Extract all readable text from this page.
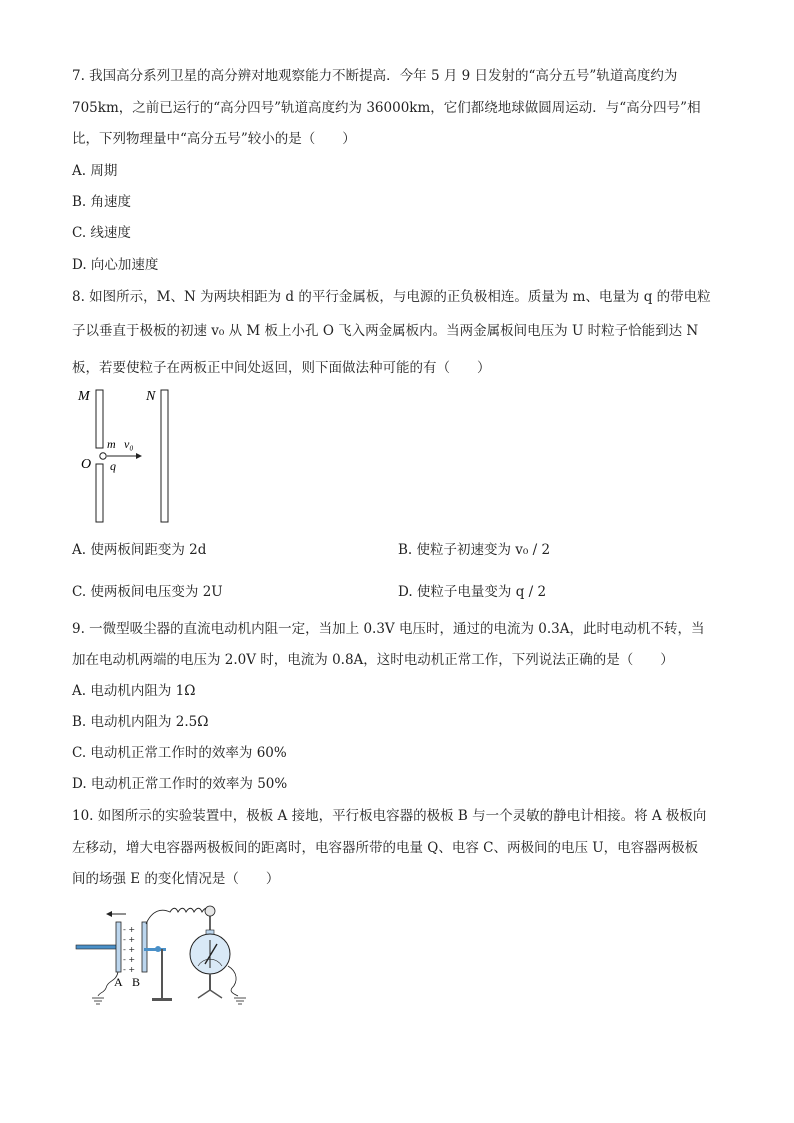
7. 我国高分系列卫星的高分辨对地观察能力不断提高．今年 5 月 9 日发射的“高分五号”轨道高度约为
705km，之前已运行的“高分四号”轨道高度约为 36000km，它们都绕地球做圆周运动．与“高分四号”相
比，下列物理量中“高分五号”较小的是（　　）
A. 周期
B. 角速度
C. 线速度
D. 向心加速度
8. 如图所示，M、N 为两块相距为 d 的平行金属板，与电源的正负极相连。质量为 m、电量为 q 的带电粒
子以垂直于极板的初速 v₀ 从 M 板上小孔 O 飞入两金属板内。当两金属板间电压为 U 时粒子恰能到达 N
板，若要使粒子在两板正中间处返回，则下面做法种可能的有（　　）
M	N
O
m
q
v₀
A. 使两板间距变为 2d	B. 使粒子初速变为 v₀ / 2
C. 使两板间电压变为 2U	D. 使粒子电量变为 q / 2
9. 一微型吸尘器的直流电动机内阻一定，当加上 0.3V 电压时，通过的电流为 0.3A，此时电动机不转，当
加在电动机两端的电压为 2.0V 时，电流为 0.8A，这时电动机正常工作，下列说法正确的是（　　）
A. 电动机内阻为 1Ω
B. 电动机内阻为 2.5Ω
C. 电动机正常工作时的效率为 60%
D. 电动机正常工作时的效率为 50%
10. 如图所示的实验装置中，极板 A 接地，平行板电容器的极板 B 与一个灵敏的静电计相接。将 A 极板向
左移动，增大电容器两极板间的距离时，电容器所带的电量 Q、电容 C、两极间的电压 U，电容器两极板
间的场强 E 的变化情况是（　　）
- +
- +
- +
- +
- +
A B
